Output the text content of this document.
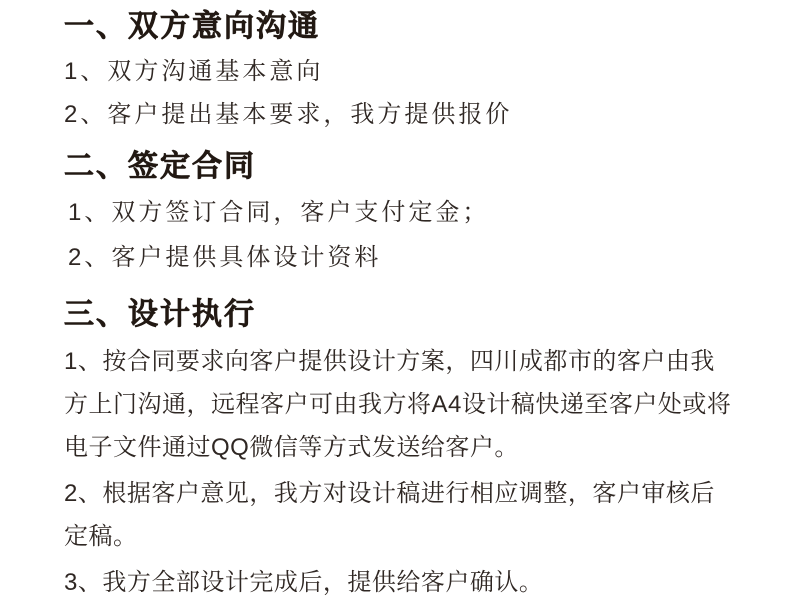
一、双方意向沟通
1、双方沟通基本意向
2、客户提出基本要求，我方提供报价
二、签定合同
1、双方签订合同，客户支付定金；
2、客户提供具体设计资料
三、设计执行
1、按合同要求向客户提供设计方案，四川成都市的客户由我
方上门沟通，远程客户可由我方将A4设计稿快递至客户处或将
电子文件通过QQ微信等方式发送给客户。
2、根据客户意见，我方对设计稿进行相应调整，客户审核后
定稿。
3、我方全部设计完成后，提供给客户确认。
